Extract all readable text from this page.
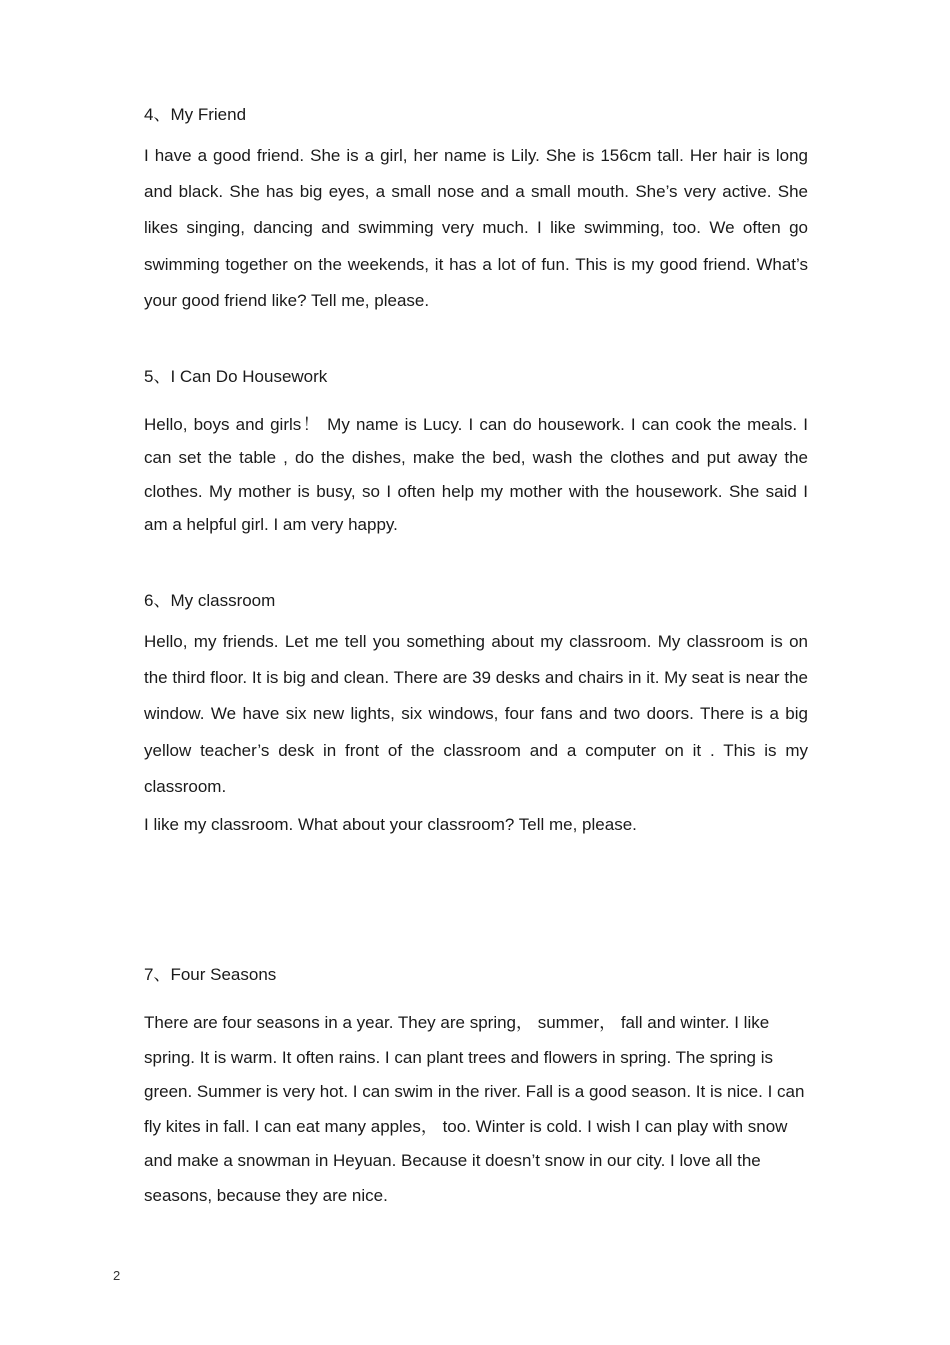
4、My Friend

I have a good friend. She is a girl, her name is Lily. She is 156cm tall. Her hair is long and black. She has big eyes, a small nose and a small mouth. She’s very active. She likes singing, dancing and swimming very much. I like swimming, too. We often go swimming together on the weekends, it has a lot of fun. This is my good friend. What’s your good friend like? Tell me, please.

5、I Can Do Housework

Hello, boys and girls！ My name is Lucy. I can do housework. I can cook the meals. I can set the table , do the dishes, make the bed, wash the clothes and put away the clothes. My mother is busy, so I often help my mother with the housework. She said I am a helpful girl. I am very happy.

6、My classroom

Hello, my friends. Let me tell you something about my classroom. My classroom is on the third floor. It is big and clean. There are 39 desks and chairs in it. My seat is near the window. We have six new lights, six windows, four fans and two doors. There is a big yellow teacher’s desk in front of the classroom and a computer on it . This is my classroom.

I like my classroom. What about your classroom? Tell me, please.

7、Four Seasons

There are four seasons in a year. They are spring， summer， fall and winter. I like spring. It is warm. It often rains. I can plant trees and flowers in spring. The spring is green. Summer is very hot. I can swim in the river. Fall is a good season. It is nice. I can fly kites in fall. I can eat many apples， too. Winter is cold. I wish I can play with snow and make a snowman in Heyuan. Because it doesn’t snow in our city. I love all the seasons, because they are nice.

2
